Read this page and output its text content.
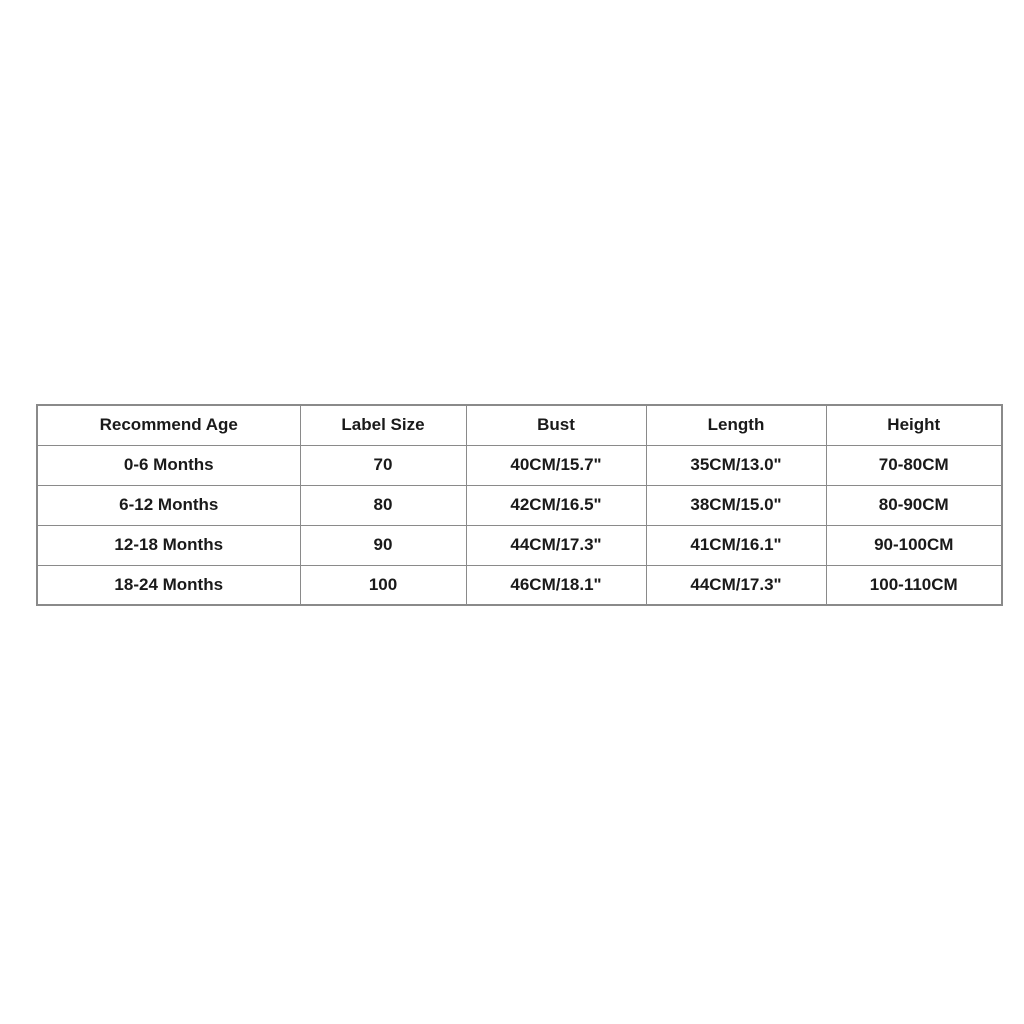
Recommend Age	Label Size	Bust	Length	Height
0-6 Months	70	40CM/15.7"	35CM/13.0"	70-80CM
6-12 Months	80	42CM/16.5"	38CM/15.0"	80-90CM
12-18 Months	90	44CM/17.3"	41CM/16.1"	90-100CM
18-24 Months	100	46CM/18.1"	44CM/17.3"	100-110CM
